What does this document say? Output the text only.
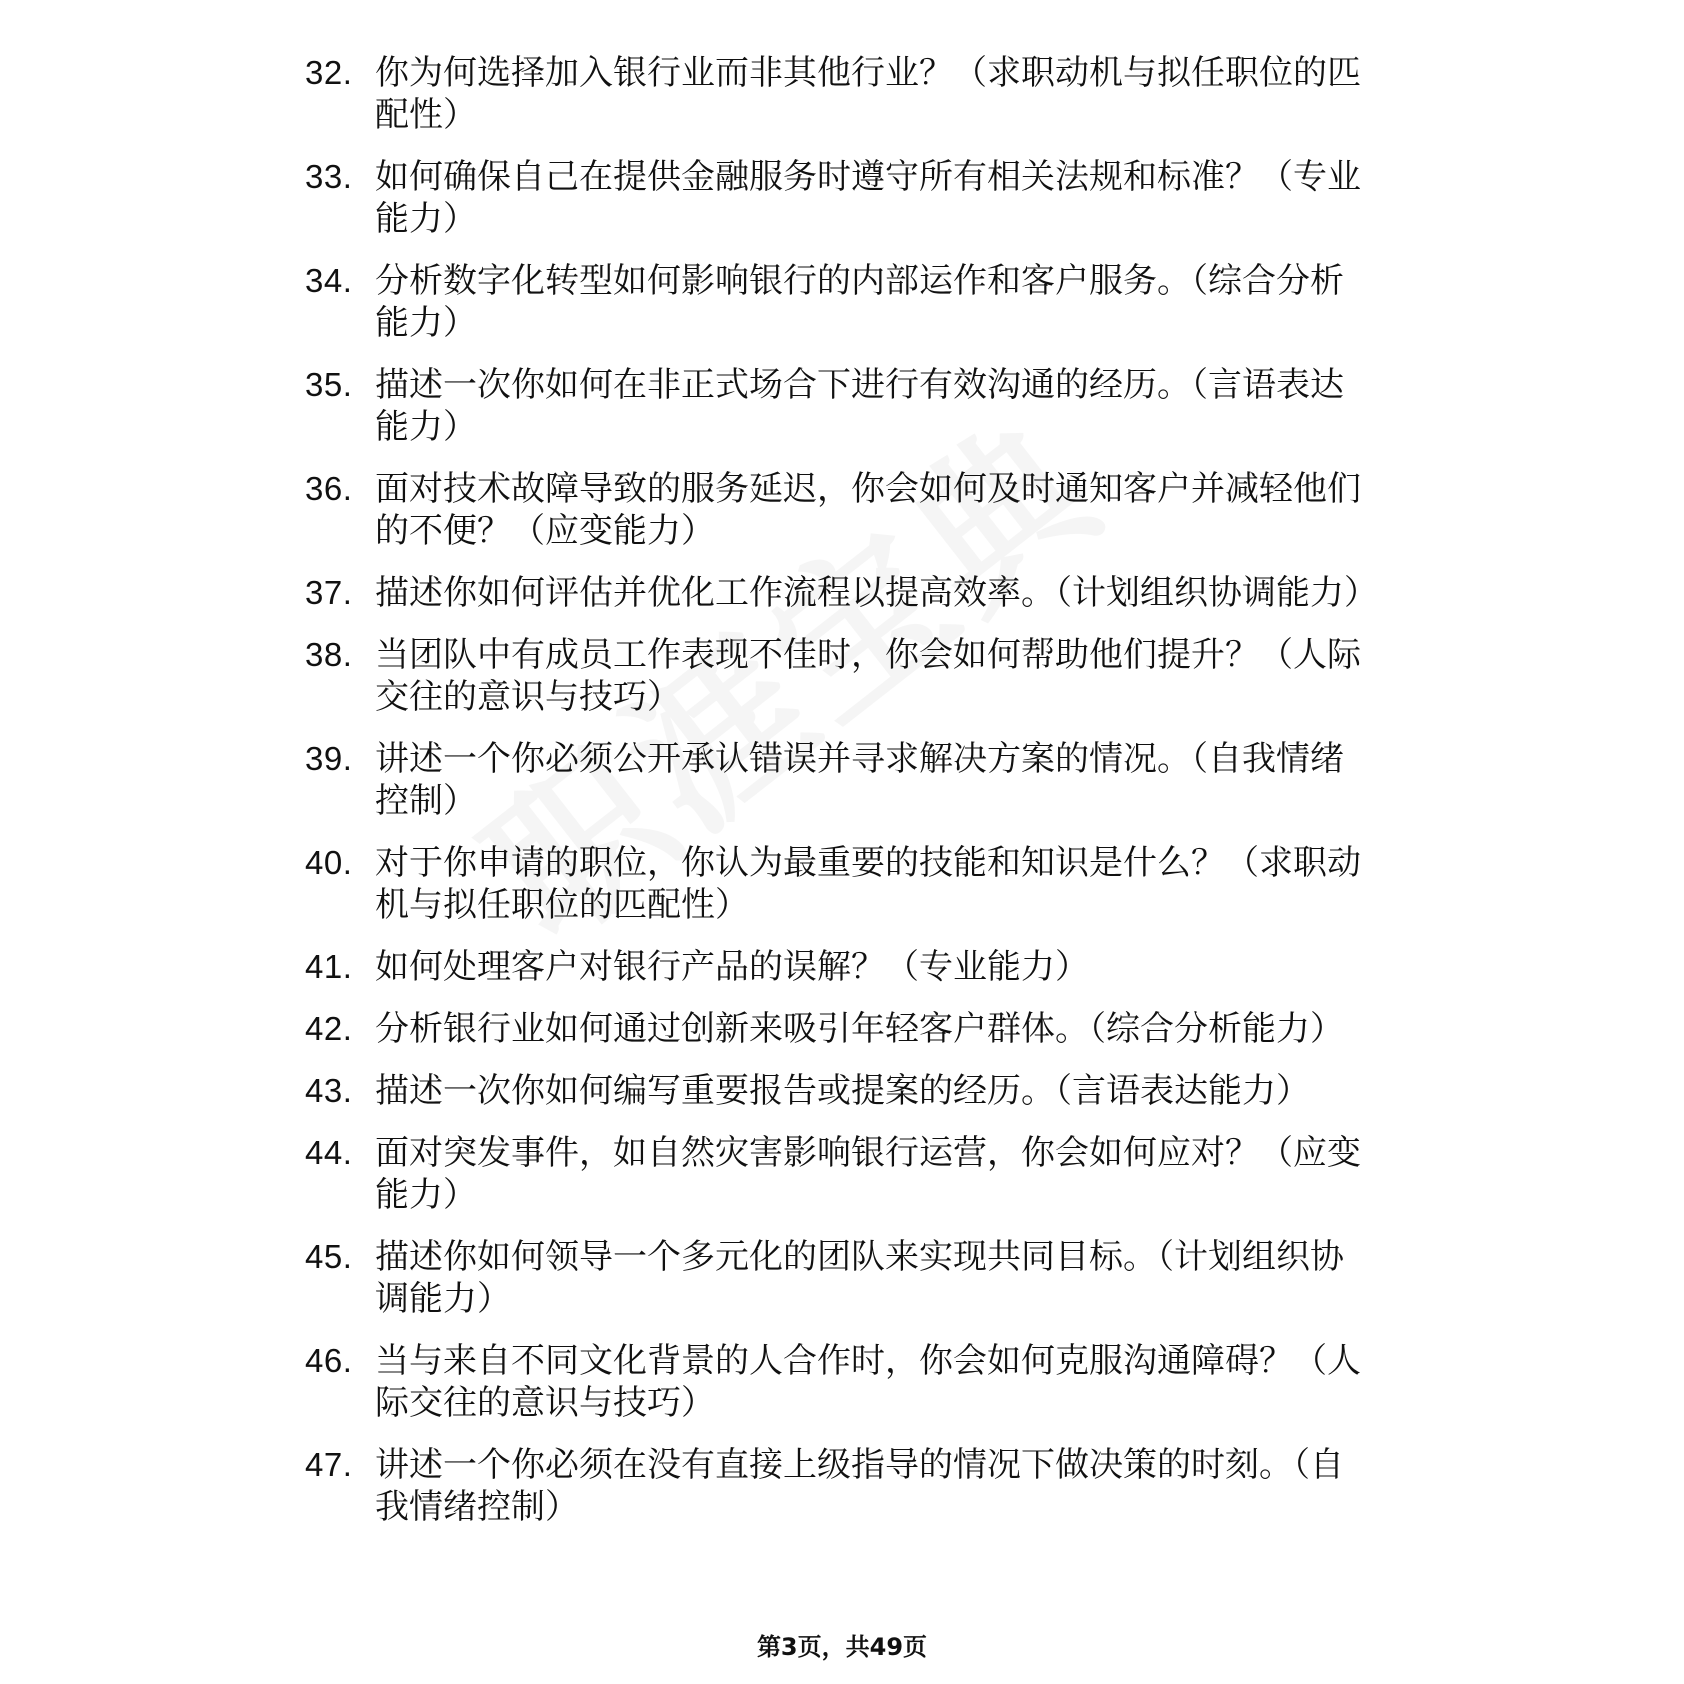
32. 你为何选择加入银行业而非其他行业？（求职动机与拟任职位的匹配性）
33. 如何确保自己在提供金融服务时遵守所有相关法规和标准？（专业能力）
34. 分析数字化转型如何影响银行的内部运作和客户服务。（综合分析能力）
35. 描述一次你如何在非正式场合下进行有效沟通的经历。（言语表达能力）
36. 面对技术故障导致的服务延迟，你会如何及时通知客户并减轻他们的不便？（应变能力）
37. 描述你如何评估并优化工作流程以提高效率。（计划组织协调能力）
38. 当团队中有成员工作表现不佳时，你会如何帮助他们提升？（人际交往的意识与技巧）
39. 讲述一个你必须公开承认错误并寻求解决方案的情况。（自我情绪控制）
40. 对于你申请的职位，你认为最重要的技能和知识是什么？（求职动机与拟任职位的匹配性）
41. 如何处理客户对银行产品的误解？（专业能力）
42. 分析银行业如何通过创新来吸引年轻客户群体。（综合分析能力）
43. 描述一次你如何编写重要报告或提案的经历。（言语表达能力）
44. 面对突发事件，如自然灾害影响银行运营，你会如何应对？（应变能力）
45. 描述你如何领导一个多元化的团队来实现共同目标。（计划组织协调能力）
46. 当与来自不同文化背景的人合作时，你会如何克服沟通障碍？（人际交往的意识与技巧）
47. 讲述一个你必须在没有直接上级指导的情况下做决策的时刻。（自我情绪控制）
第3页，共49页
